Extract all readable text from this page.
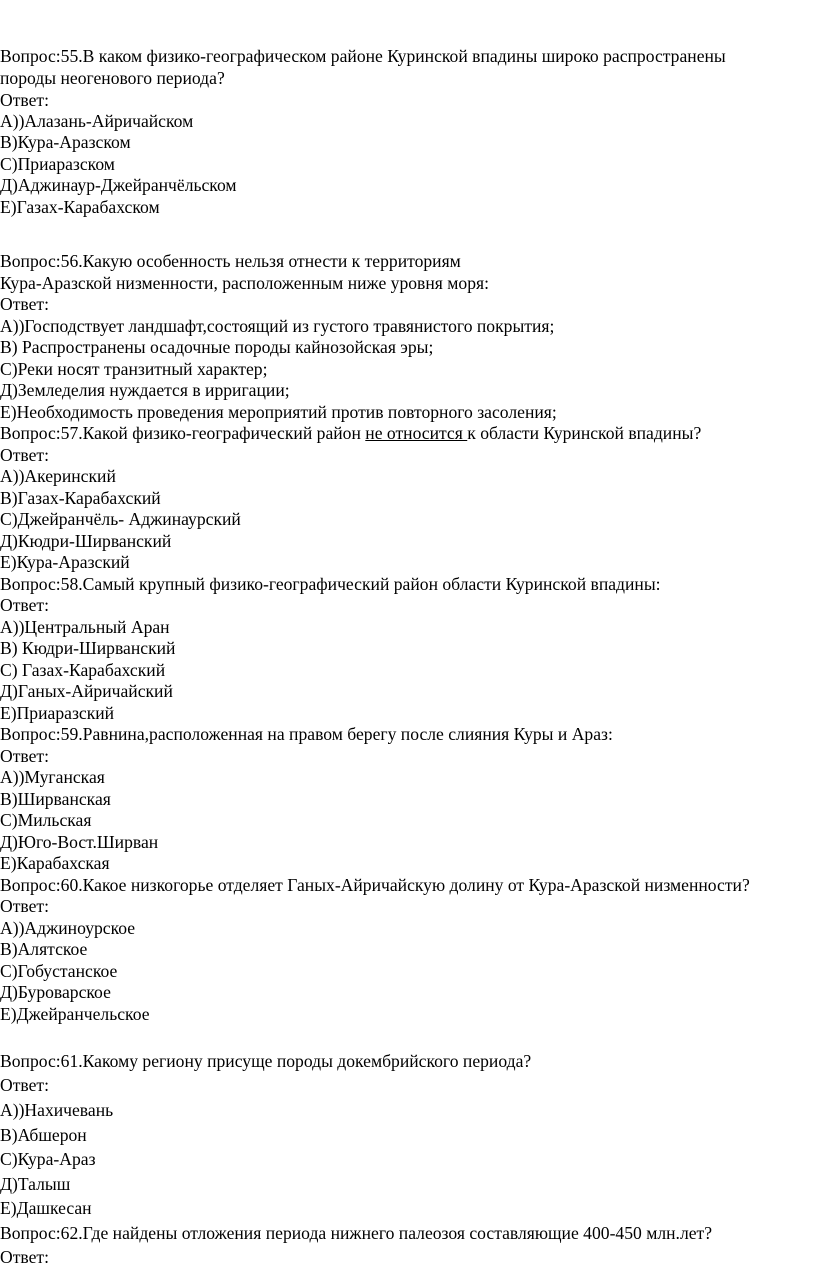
Вопрос:55.В каком физико-географическом районе Куринской впадины широко распространены

породы неогенового периода?

Ответ:

А))Алазань-Айричайском

В)Кура-Аразском

С)Приаразском

Д)Аджинаур-Джейранчёльском

Е)Газах-Карабахском

Вопрос:56.Какую особенность нельзя отнести к территориям

Кура-Аразской низменности, расположенным ниже уровня моря:

Ответ:

А))Господствует ландшафт,состоящий из густого травянистого покрытия;

В) Распространены осадочные породы кайнозойская эры;

С)Реки носят транзитный характер;

Д)Земледелия нуждается в ирригации;

Е)Необходимость проведения мероприятий против повторного засоления;

Вопрос:57.Какой физико-географический район не относится к области Куринской впадины?

Ответ:

А))Акеринский

В)Газах-Карабахский

С)Джейранчёль- Аджинаурский

Д)Кюдри-Ширванский

Е)Кура-Аразский

Вопрос:58.Самый крупный физико-географический район области Куринской впадины:

Ответ:

А))Центральный Аран

В) Кюдри-Ширванский

С) Газах-Карабахский

Д)Ганых-Айричайский

Е)Приаразский

Вопрос:59.Равнина,расположенная на правом берегу после слияния Куры и Араз:

Ответ:

А))Муганская

В)Ширванская

С)Мильская

Д)Юго-Вост.Ширван

Е)Карабахская

Вопрос:60.Какое низкогорье отделяет Ганых-Айричайскую долину от Кура-Аразской низменности?

Ответ:

А))Аджиноурское

В)Алятское

С)Гобустанское

Д)Буроварское

Е)Джейранчельское

Вопрос:61.Какому региону присуще породы докембрийского периода?

Ответ:

А))Нахичевань

В)Абшерон

С)Кура-Араз

Д)Талыш

Е)Дашкесан

Вопрос:62.Где найдены отложения периода нижнего палеозоя составляющие 400-450 млн.лет?

Ответ:
